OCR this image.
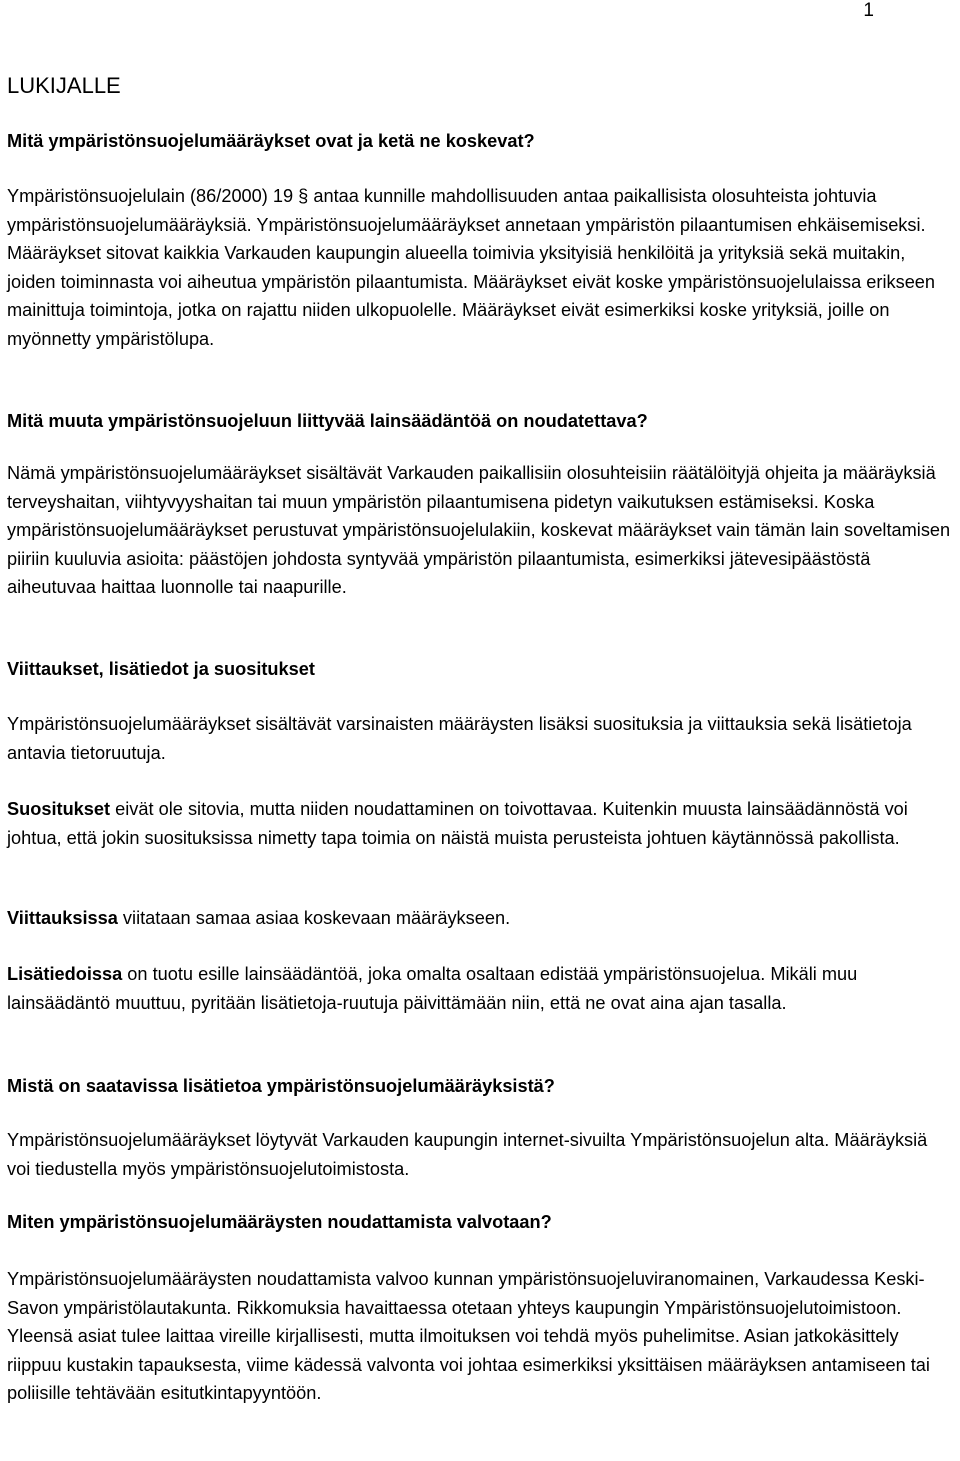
1
LUKIJALLE
Mitä ympäristönsuojelumääräykset ovat ja ketä ne koskevat?

Ympäristönsuojelulain (86/2000) 19 § antaa kunnille mahdollisuuden antaa paikallisista olosuhteista johtuvia ympäristönsuojelumääräyksiä. Ympäristönsuojelumääräykset annetaan ympäristön pilaantumisen ehkäisemiseksi. Määräykset sitovat kaikkia Varkauden kaupungin alueella toimivia yksityisiä henkilöitä ja yrityksiä sekä muitakin, joiden toiminnasta voi aiheutua ympäristön pilaantumista. Määräykset eivät koske ympäristönsuojelulaissa erikseen mainittuja toimintoja, jotka on rajattu niiden ulkopuolelle. Määräykset eivät esimerkiksi koske yrityksiä, joille on myönnetty ympäristölupa.

Mitä muuta ympäristönsuojeluun liittyvää lainsäädäntöä on noudatettava?

Nämä ympäristönsuojelumääräykset sisältävät Varkauden paikallisiin olosuhteisiin räätälöityjä ohjeita ja määräyksiä terveyshaitan, viihtyvyyshaitan tai muun ympäristön pilaantumisena pidetyn vaikutuksen estämiseksi. Koska ympäristönsuojelumääräykset perustuvat ympäristönsuojelulakiin, koskevat määräykset vain tämän lain soveltamisen piiriin kuuluvia asioita: päästöjen johdosta syntyvää ympäristön pilaantumista, esimerkiksi jätevesipäästöstä aiheutuvaa haittaa luonnolle tai naapurille.

Viittaukset, lisätiedot ja suositukset

Ympäristönsuojelumääräykset sisältävät varsinaisten määräysten lisäksi suosituksia ja viittauksia sekä lisätietoja antavia tietoruutuja.

Suositukset eivät ole sitovia, mutta niiden noudattaminen on toivottavaa. Kuitenkin muusta lainsäädännöstä voi johtua, että jokin suosituksissa nimetty tapa toimia on näistä muista perusteista johtuen käytännössä pakollista.

Viittauksissa viitataan samaa asiaa koskevaan määräykseen.

Lisätiedoissa on tuotu esille lainsäädäntöä, joka omalta osaltaan edistää ympäristönsuojelua. Mikäli muu lainsäädäntö muuttuu, pyritään lisätietoja-ruutuja päivittämään niin, että ne ovat aina ajan tasalla.

Mistä on saatavissa lisätietoa ympäristönsuojelumääräyksistä?

Ympäristönsuojelumääräykset löytyvät Varkauden kaupungin internet-sivuilta Ympäristönsuojelun alta. Määräyksiä voi tiedustella myös ympäristönsuojelutoimistosta.

Miten ympäristönsuojelumääräysten noudattamista valvotaan?

Ympäristönsuojelumääräysten noudattamista valvoo kunnan ympäristönsuojeluviranomainen, Varkaudessa Keski-Savon ympäristölautakunta. Rikkomuksia havaittaessa otetaan yhteys kaupungin Ympäristönsuojelutoimistoon. Yleensä asiat tulee laittaa vireille kirjallisesti, mutta ilmoituksen voi tehdä myös puhelimitse. Asian jatkokäsittely riippuu kustakin tapauksesta, viime kädessä valvonta voi johtaa esimerkiksi yksittäisen määräyksen antamiseen tai poliisille tehtävään esitutkintapyyntöön.
